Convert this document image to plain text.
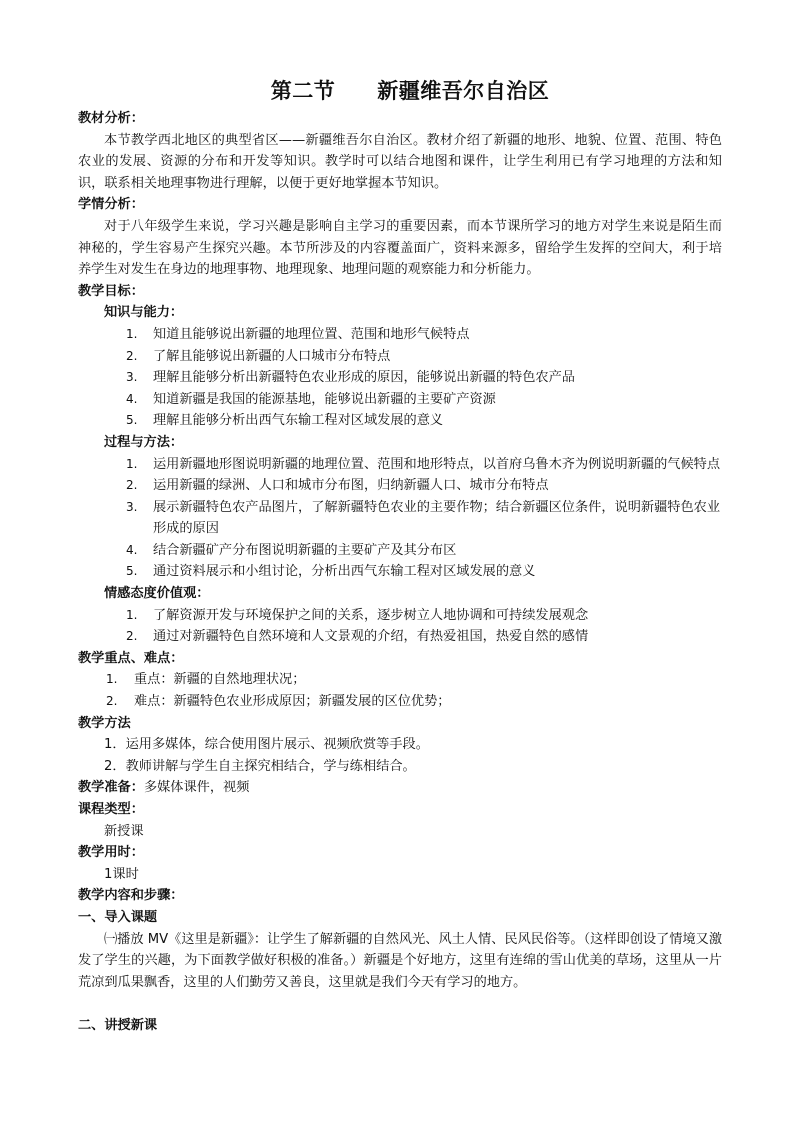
第二节 新疆维吾尔自治区
教材分析：
本节教学西北地区的典型省区——新疆维吾尔自治区。教材介绍了新疆的地形、地貌、位置、范围、特色农业的发展、资源的分布和开发等知识。教学时可以结合地图和课件，让学生利用已有学习地理的方法和知识，联系相关地理事物进行理解，以便于更好地掌握本节知识。
学情分析：
对于八年级学生来说，学习兴趣是影响自主学习的重要因素，而本节课所学习的地方对学生来说是陌生而神秘的，学生容易产生探究兴趣。本节所涉及的内容覆盖面广，资料来源多，留给学生发挥的空间大，利于培养学生对发生在身边的地理事物、地理现象、地理问题的观察能力和分析能力。
教学目标：
知识与能力：
1. 知道且能够说出新疆的地理位置、范围和地形气候特点
2. 了解且能够说出新疆的人口城市分布特点
3. 理解且能够分析出新疆特色农业形成的原因，能够说出新疆的特色农产品
4. 知道新疆是我国的能源基地，能够说出新疆的主要矿产资源
5. 理解且能够分析出西气东输工程对区域发展的意义
过程与方法：
1. 运用新疆地形图说明新疆的地理位置、范围和地形特点，以首府乌鲁木齐为例说明新疆的气候特点
2. 运用新疆的绿洲、人口和城市分布图，归纳新疆人口、城市分布特点
3. 展示新疆特色农产品图片，了解新疆特色农业的主要作物；结合新疆区位条件，说明新疆特色农业形成的原因
4. 结合新疆矿产分布图说明新疆的主要矿产及其分布区
5. 通过资料展示和小组讨论，分析出西气东输工程对区域发展的意义
情感态度价值观：
1. 了解资源开发与环境保护之间的关系，逐步树立人地协调和可持续发展观念
2. 通过对新疆特色自然环境和人文景观的介绍，有热爱祖国，热爱自然的感情
教学重点、难点：
1. 重点：新疆的自然地理状况；
2. 难点：新疆特色农业形成原因；新疆发展的区位优势；
教学方法
1．运用多媒体，综合使用图片展示、视频欣赏等手段。
2．教师讲解与学生自主探究相结合，学与练相结合。
教学准备：多媒体课件，视频
课程类型：
新授课
教学用时：
1课时
教学内容和步骤：
一、导入课题
㈠播放 MV《这里是新疆》：让学生了解新疆的自然风光、风土人情、民风民俗等。（这样即创设了情境又激发了学生的兴趣，为下面教学做好积极的准备。）新疆是个好地方，这里有连绵的雪山优美的草场，这里从一片荒凉到瓜果飘香，这里的人们勤劳又善良，这里就是我们今天有学习的地方。
二、讲授新课
